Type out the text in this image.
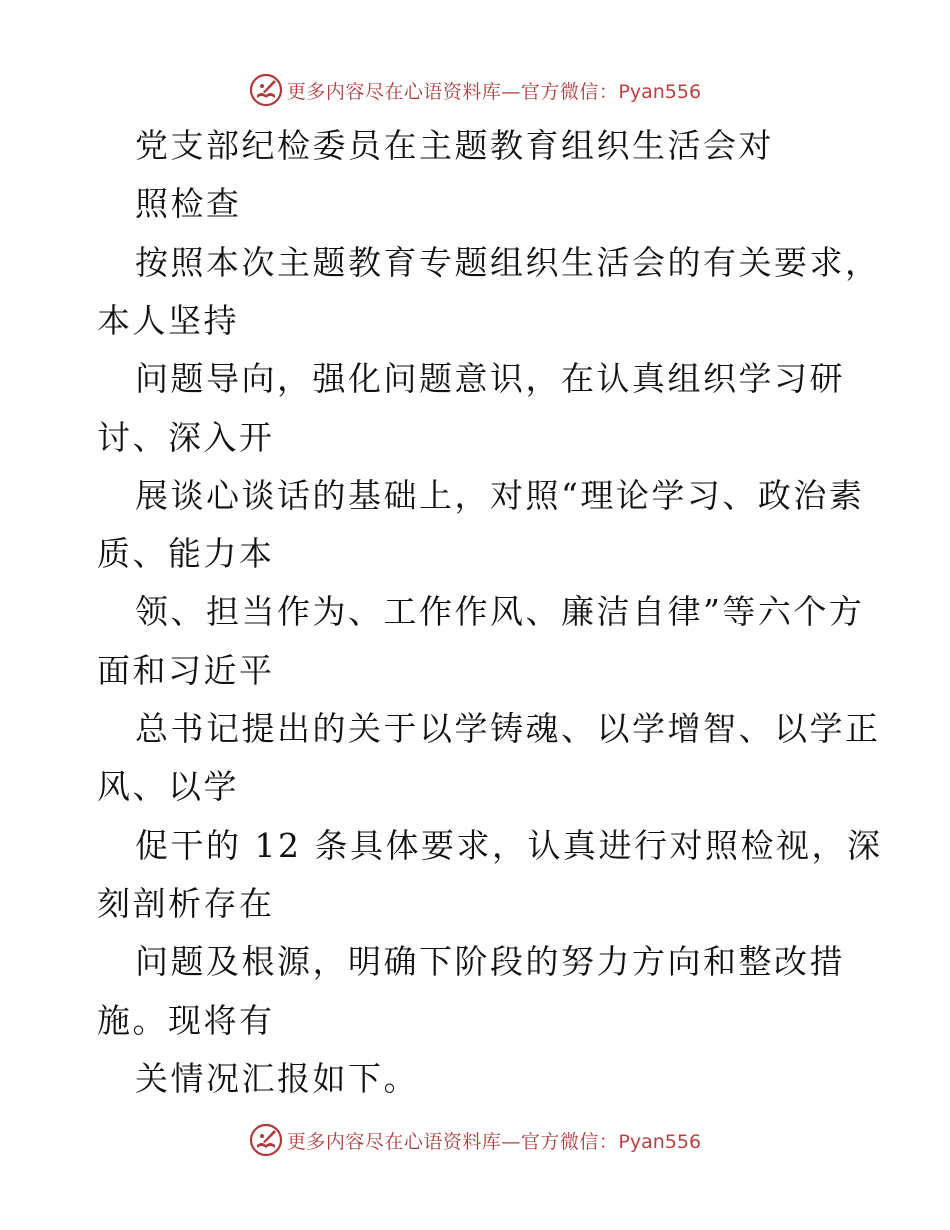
更多内容尽在心语资料库—官方微信：Pyan556
党支部纪检委员在主题教育组织生活会对
照检查
按照本次主题教育专题组织生活会的有关要求，
本人坚持
问题导向，强化问题意识，在认真组织学习研
讨、深入开
展谈心谈话的基础上，对照“理论学习、政治素
质、能力本
领、担当作为、工作作风、廉洁自律”等六个方
面和习近平
总书记提出的关于以学铸魂、以学增智、以学正
风、以学
促干的 12 条具体要求，认真进行对照检视，深
刻剖析存在
问题及根源，明确下阶段的努力方向和整改措
施。现将有
关情况汇报如下。
更多内容尽在心语资料库—官方微信：Pyan556
